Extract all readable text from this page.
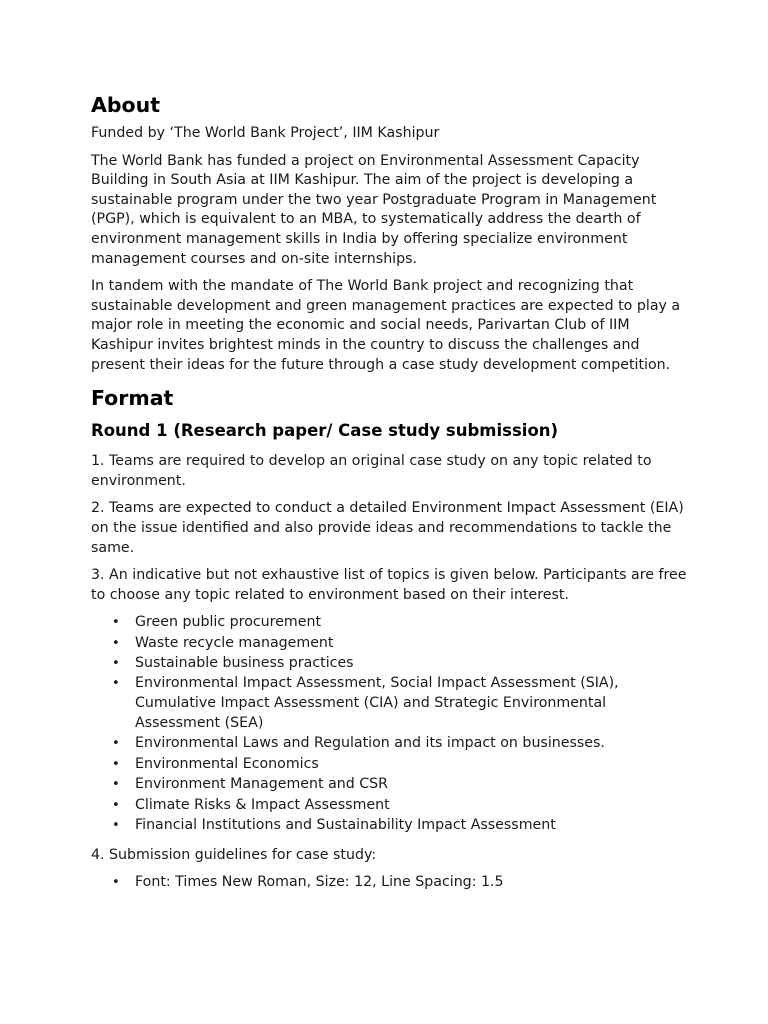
About

Funded by ‘The World Bank Project’, IIM Kashipur

The World Bank has funded a project on Environmental Assessment Capacity Building in South Asia at IIM Kashipur. The aim of the project is developing a sustainable program under the two year Postgraduate Program in Management (PGP), which is equivalent to an MBA, to systematically address the dearth of environment management skills in India by offering specialize environment management courses and on-site internships.

In tandem with the mandate of The World Bank project and recognizing that sustainable development and green management practices are expected to play a major role in meeting the economic and social needs, Parivartan Club of IIM Kashipur invites brightest minds in the country to discuss the challenges and present their ideas for the future through a case study development competition.

Format
Round 1 (Research paper/ Case study submission)

1. Teams are required to develop an original case study on any topic related to environment.

2. Teams are expected to conduct a detailed Environment Impact Assessment (EIA) on the issue identified and also provide ideas and recommendations to tackle the same.

3. An indicative but not exhaustive list of topics is given below. Participants are free to choose any topic related to environment based on their interest.

• Green public procurement
• Waste recycle management
• Sustainable business practices
• Environmental Impact Assessment, Social Impact Assessment (SIA), Cumulative Impact Assessment (CIA) and Strategic Environmental Assessment (SEA)
• Environmental Laws and Regulation and its impact on businesses.
• Environmental Economics
• Environment Management and CSR
• Climate Risks & Impact Assessment
• Financial Institutions and Sustainability Impact Assessment

4. Submission guidelines for case study:

• Font: Times New Roman, Size: 12, Line Spacing: 1.5
